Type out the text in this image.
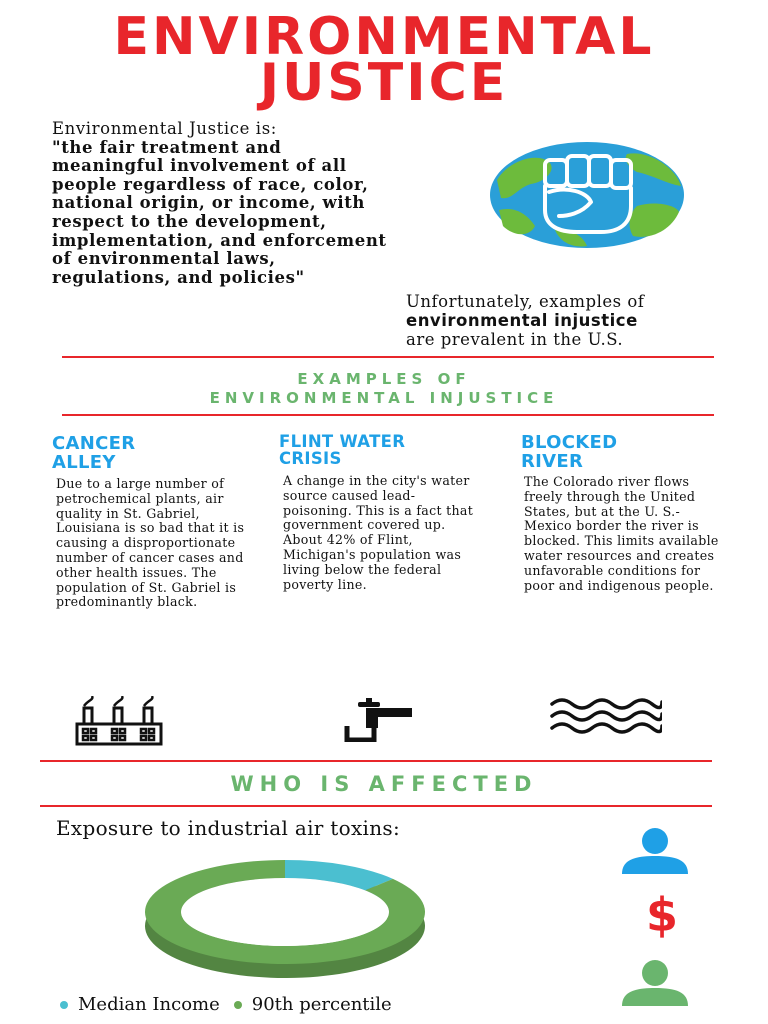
ENVIRONMENTAL
JUSTICE
Environmental Justice is:
"the fair treatment and meaningful involvement of all people regardless of race, color, national origin, or income, with respect to the development, implementation, and enforcement of environmental laws, regulations, and policies"
Unfortunately, examples of
environmental injustice
are prevalent in the U.S.
EXAMPLES OF
ENVIRONMENTAL INJUSTICE
CANCER
ALLEY
Due to a large number of petrochemical plants, air quality in St. Gabriel, Louisiana is so bad that it is causing a disproportionate number of cancer cases and other health issues. The population of St. Gabriel is predominantly black.
FLINT WATER
CRISIS
A change in the city's water source caused lead-poisoning. This is a fact that government covered up. About 42% of Flint, Michigan's population was living below the federal poverty line.
BLOCKED
RIVER
The Colorado river flows freely through the United States, but at the U. S.-Mexico border the river is blocked. This limits available water resources and creates unfavorable conditions for poor and indigenous people.
WHO IS AFFECTED
Exposure to industrial air toxins:
Median Income 90th percentile
$
